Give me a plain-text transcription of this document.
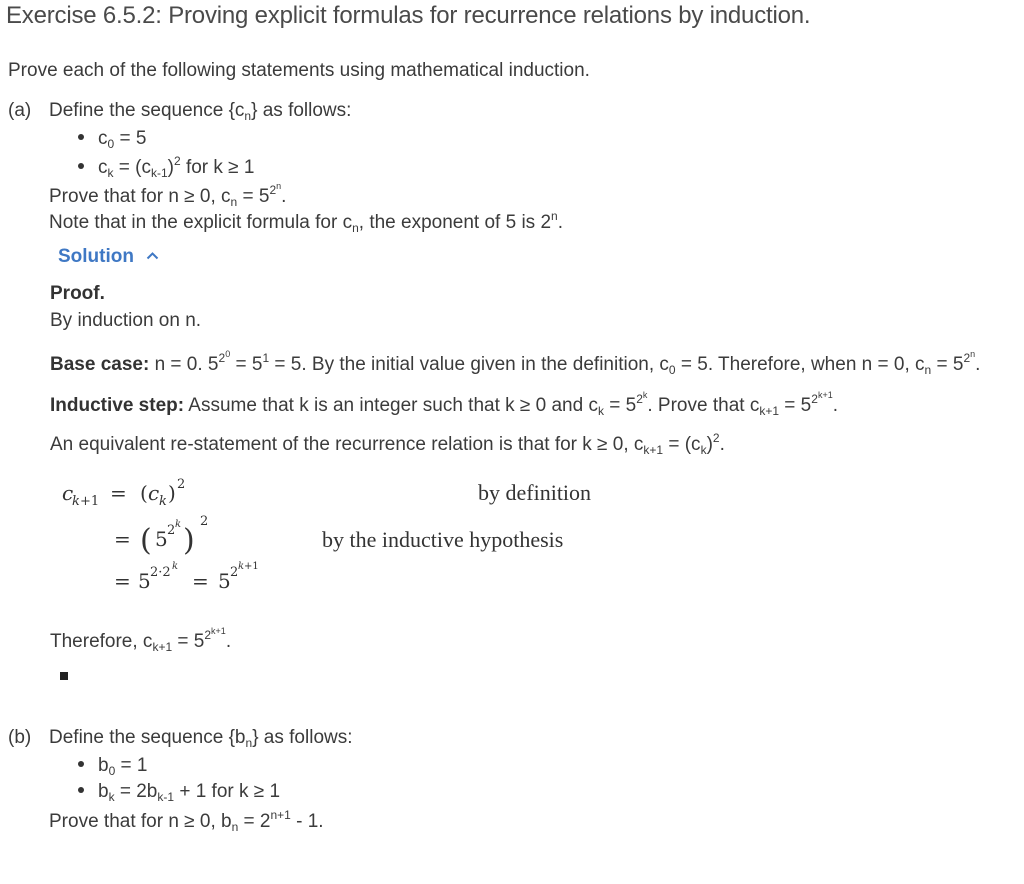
Exercise 6.5.2: Proving explicit formulas for recurrence relations by induction.
Prove each of the following statements using mathematical induction.
(a) Define the sequence $\{c_n\}$ as follows:
$c_0 = 5$
$c_k = (c_{k-1})^2$ for k ≥ 1
Prove that for n ≥ 0, $c_n = 5^{2^n}$.
Note that in the explicit formula for $c_n$, the exponent of 5 is 2$^n$.
Solution
Proof.
By induction on n.
Base case: n = 0. $5^{2^0} = 5^1 = 5$. By the initial value given in the definition, $c_0 = 5$. Therefore, when n = 0, $c_n = 5^{2^n}$.
Inductive step: Assume that k is an integer such that k ≥ 0 and $c_k = 5^{2^k}$. Prove that $c_{k+1} = 5^{2^{k+1}}$.
An equivalent re-statement of the recurrence relation is that for k ≥ 0, $c_{k+1} = (c_k)^2$.
c
k +1 = ( c k ) 2
= ( 5 2 k )
2
= 5 2·2 k
= 5 2 k +1
by definition
by the inductive hypothesis
Therefore, $c_{k+1} = 5^{2^{k+1}}$.
(b) Define the sequence $\{b_n\}$ as follows:
$b_0 = 1$
$b_k = 2b_{k-1} + 1$ for k ≥ 1
Prove that for n ≥ 0, $b_n = 2^{n+1} - 1$.
